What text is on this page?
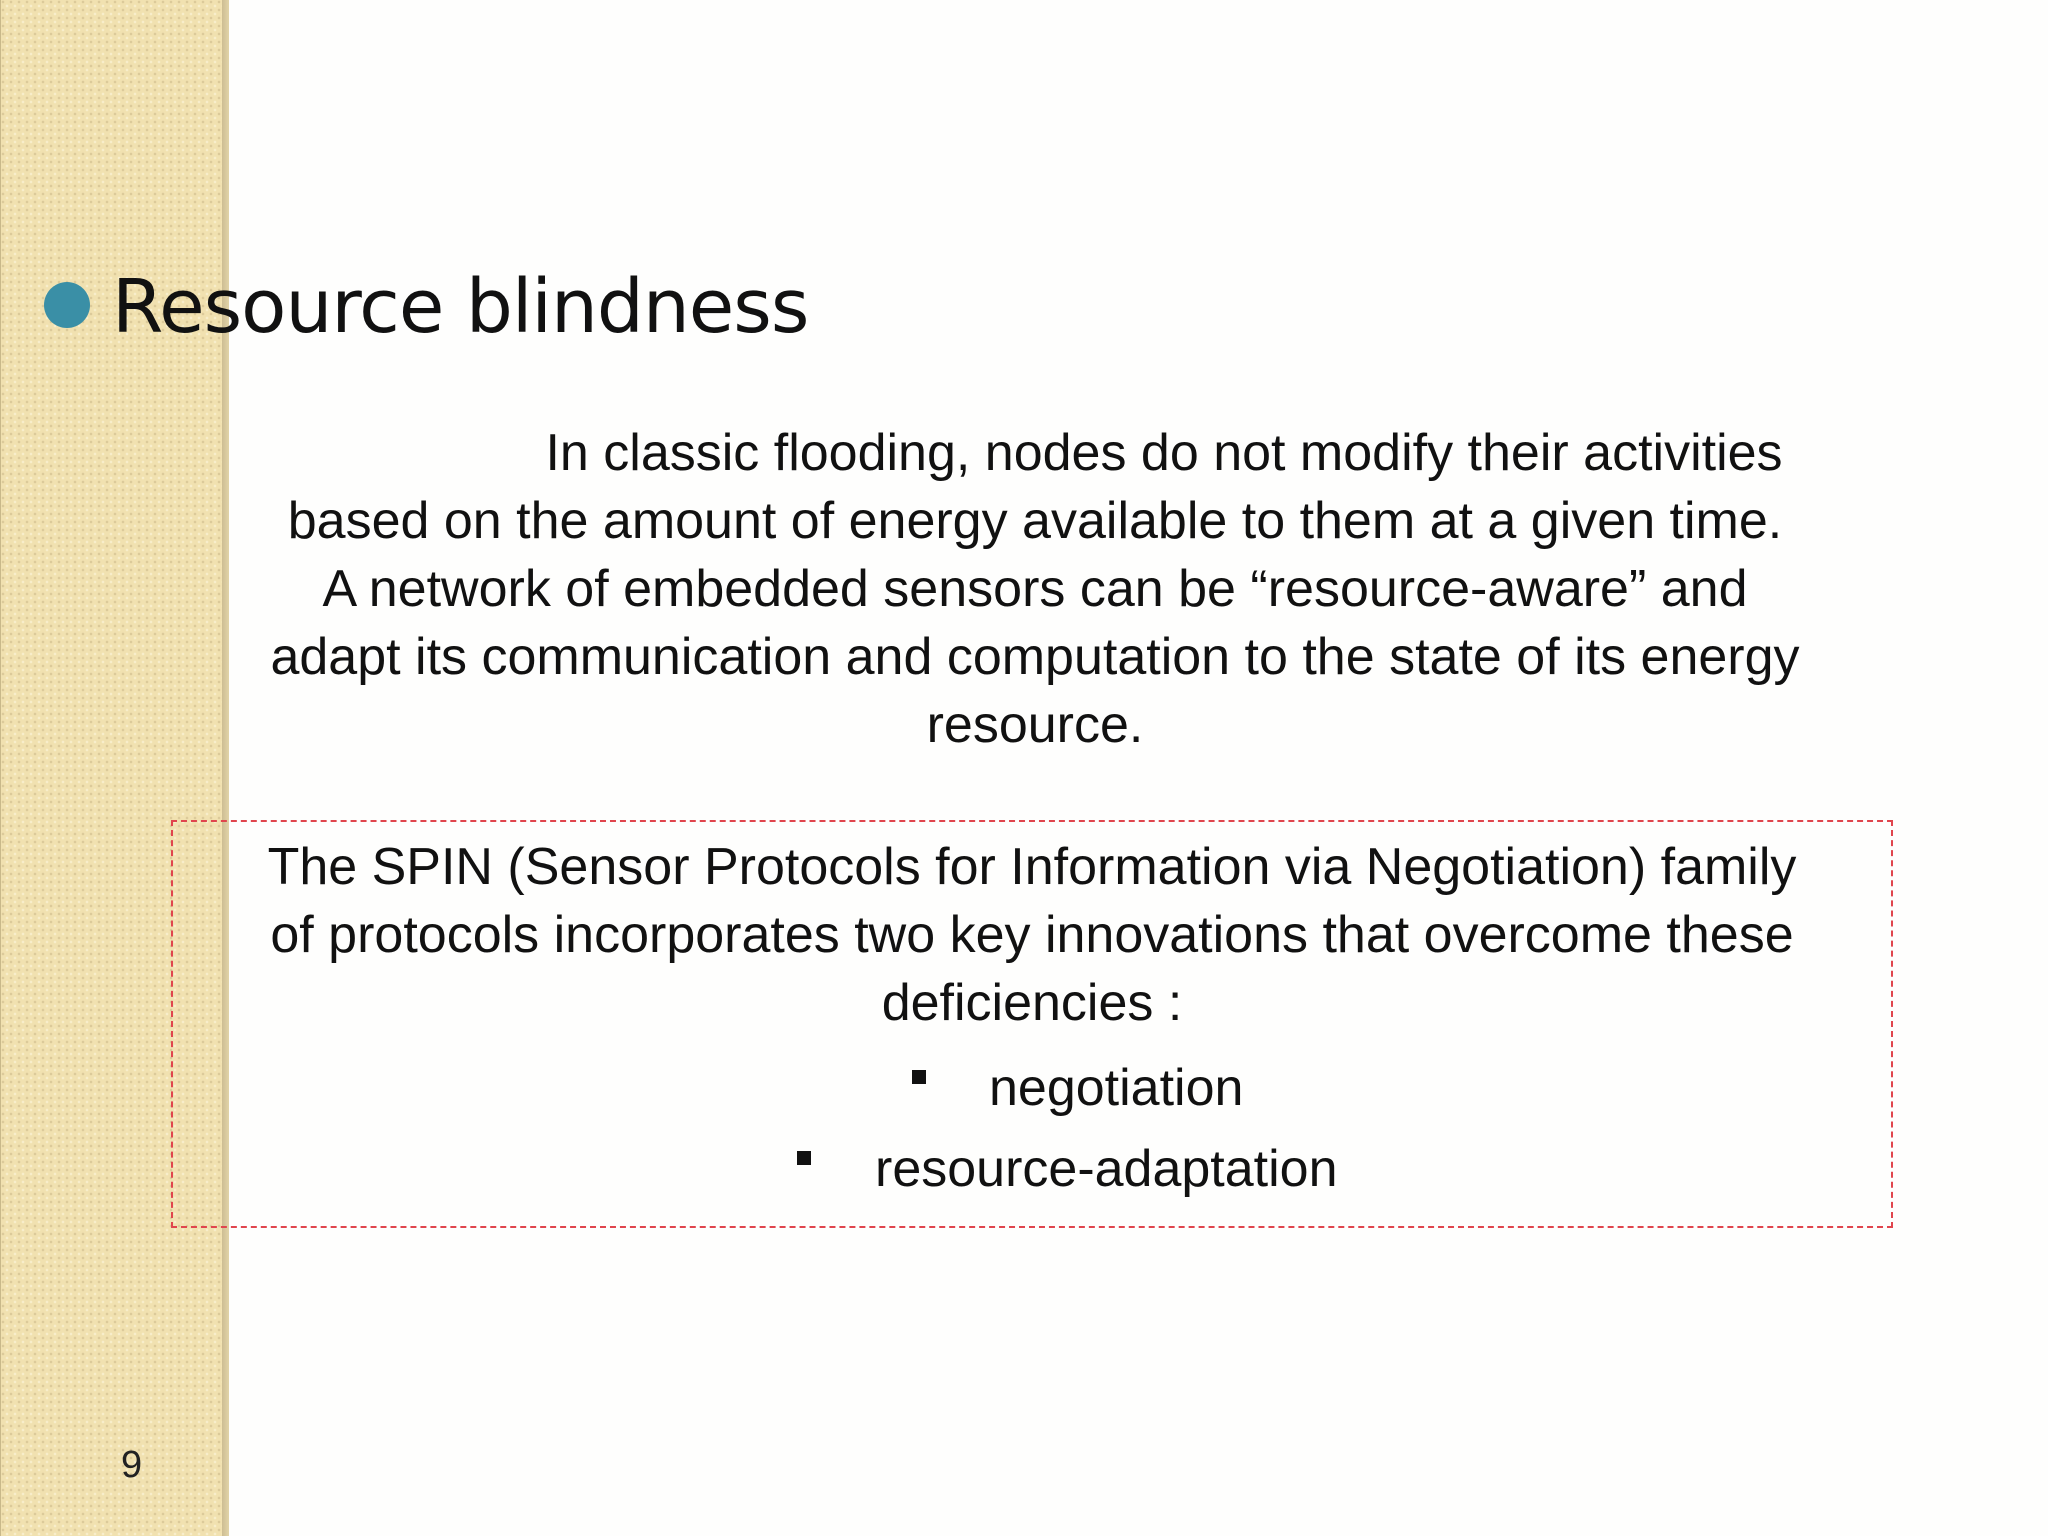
Resource blindness

In classic flooding, nodes do not modify their activities
based on the amount of energy available to them at a given time.
A network of embedded sensors can be “resource-aware” and
adapt its communication and computation to the state of its energy
resource.

The SPIN (Sensor Protocols for Information via Negotiation) family
of protocols incorporates two key innovations that overcome these
deficiencies :

negotiation
resource-adaptation
9
